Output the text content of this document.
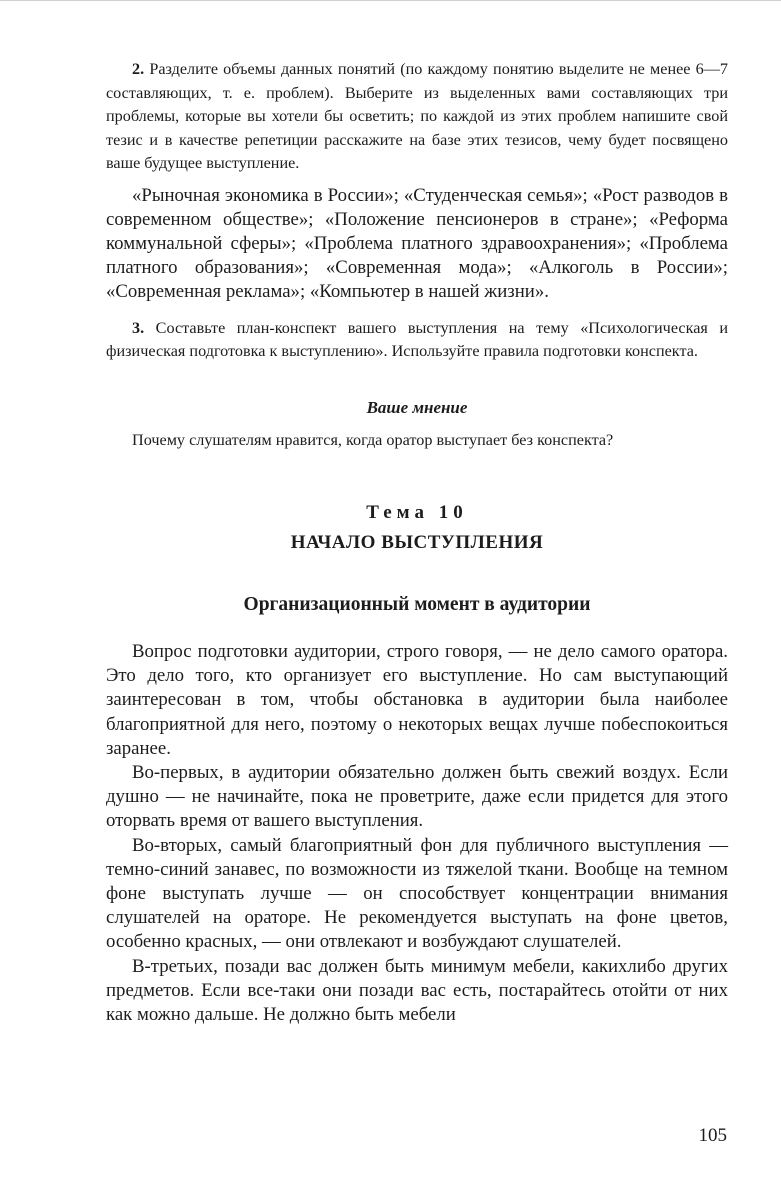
2. Разделите объемы данных понятий (по каждому понятию выделите не менее 6—7 составляющих, т. е. проблем). Выберите из выделенных вами составляющих три проблемы, которые вы хотели бы осветить; по каждой из этих проблем напишите свой тезис и в качестве репетиции расскажите на базе этих тезисов, чему будет посвящено ваше будущее выступление.

«Рыночная экономика в России»; «Студенческая семья»; «Рост разводов в современном обществе»; «Положение пенсионеров в стране»; «Реформа коммунальной сферы»; «Проблема платного здравоохранения»; «Проблема платного образования»; «Современная мода»; «Алкоголь в России»; «Современная реклама»; «Компьютер в нашей жизни».

3. Составьте план-конспект вашего выступления на тему «Психологическая и физическая подготовка к выступлению». Используйте правила подготовки конспекта.

Ваше мнение

Почему слушателям нравится, когда оратор выступает без конспекта?

Тема 10

НАЧАЛО ВЫСТУПЛЕНИЯ

Организационный момент в аудитории

Вопрос подготовки аудитории, строго говоря, — не дело самого оратора. Это дело того, кто организует его выступление. Но сам выступающий заинтересован в том, чтобы обстановка в аудитории была наиболее благоприятной для него, поэтому о некоторых вещах лучше побеспокоиться заранее.

Во-первых, в аудитории обязательно должен быть свежий воздух. Если душно — не начинайте, пока не проветрите, даже если придется для этого оторвать время от вашего выступления.

Во-вторых, самый благоприятный фон для публичного выступления — темно-синий занавес, по возможности из тяжелой ткани. Вообще на темном фоне выступать лучше — он способствует концентрации внимания слушателей на ораторе. Не рекомендуется выступать на фоне цветов, особенно красных, — они отвлекают и возбуждают слушателей.

В-третьих, позади вас должен быть минимум мебели, какихлибо других предметов. Если все-таки они позади вас есть, постарайтесь отойти от них как можно дальше. Не должно быть мебели

105
